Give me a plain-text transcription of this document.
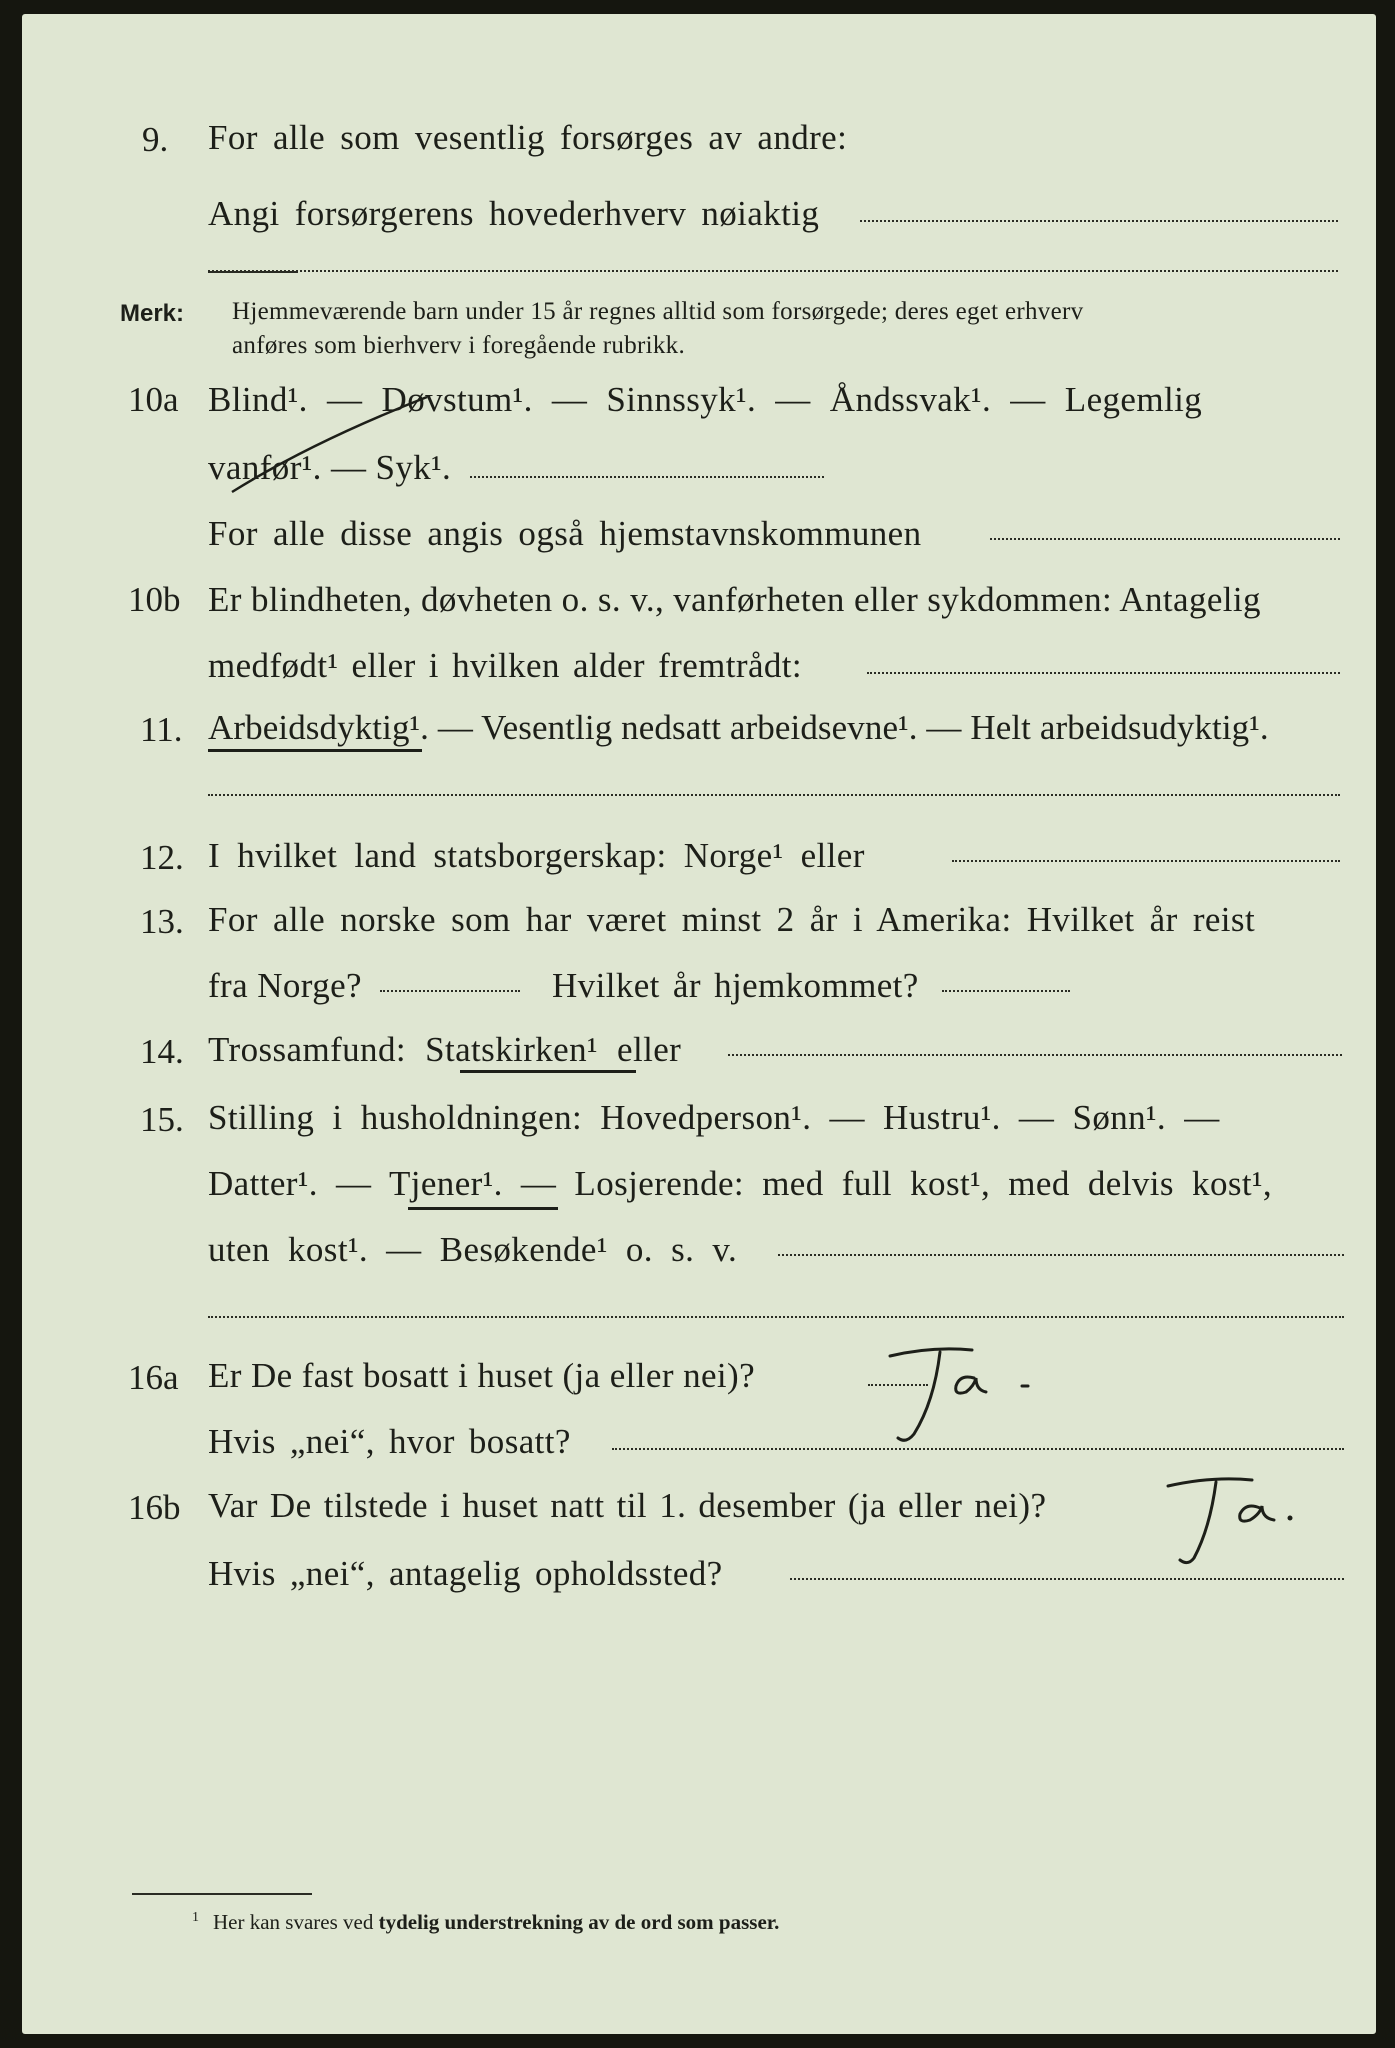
9. For alle som vesentlig forsørges av andre:
Angi forsørgerens hovederhverv nøiaktig
Merk: Hjemmeværende barn under 15 år regnes alltid som forsørgede; deres eget erhverv
anføres som bierhverv i foregående rubrikk.
10a Blind¹. — Døvstum¹. — Sinnssyk¹. — Åndssvak¹. — Legemlig
vanfør¹. — Syk¹.
For alle disse angis også hjemstavnskommunen
10b Er blindheten, døvheten o. s. v., vanførheten eller sykdommen: Antagelig
medfødt¹ eller i hvilken alder fremtrådt:
11. Arbeidsdyktig¹. — Vesentlig nedsatt arbeidsevne¹. — Helt arbeidsudyktig¹.
12. I hvilket land statsborgerskap: Norge¹ eller
13. For alle norske som har været minst 2 år i Amerika: Hvilket år reist
fra Norge?	Hvilket år hjemkommet?
14. Trossamfund: Statskirken¹ eller
15. Stilling i husholdningen: Hovedperson¹. — Hustru¹. — Sønn¹. —
Datter¹. — Tjener¹. — Losjerende: med full kost¹, med delvis kost¹,
uten kost¹. — Besøkende¹ o. s. v.
16a Er De fast bosatt i huset (ja eller nei)?
Hvis „nei“, hvor bosatt?
16b Var De tilstede i huset natt til 1. desember (ja eller nei)?
Hvis „nei“, antagelig opholdssted?
$^1$ Her kan svares ved tydelig understrekning av de ord som passer.
